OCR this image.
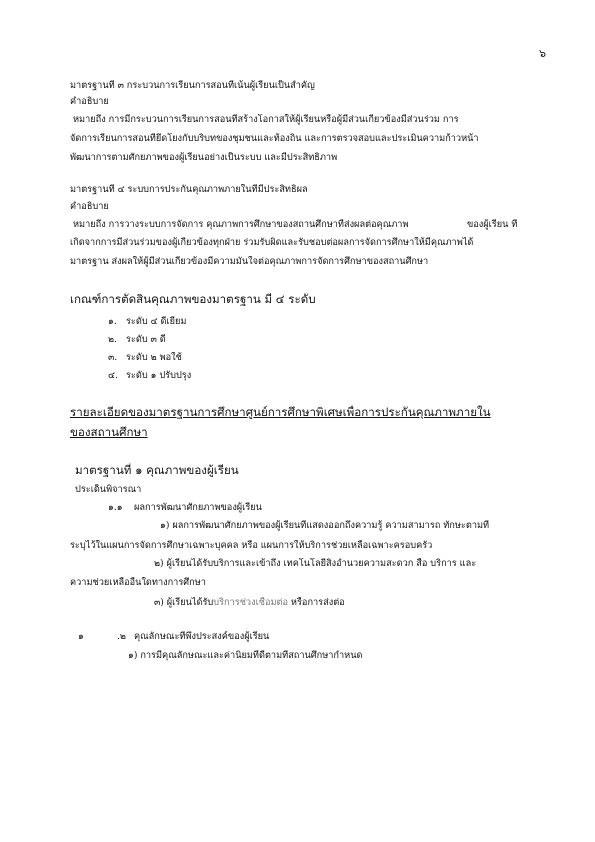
๖
มาตรฐานที่ ๓ กระบวนการเรียนการสอนที่เน้นผู้เรียนเป็นสำคัญ
คำอธิบาย
หมายถึง การมีกระบวนการเรียนการสอนที่สร้างโอกาสให้ผู้เรียนหรือผู้มีส่วนเกี่ยวข้องมีส่วนร่วม การ
จัดการเรียนการสอนที่ยึดโยงกับบริบทของชุมชนและท้องถิ่น และการตรวจสอบและประเมินความก้าวหน้า
พัฒนาการตามศักยภาพของผู้เรียนอย่างเป็นระบบ และมีประสิทธิภาพ
มาตรฐานที่ ๔ ระบบการประกันคุณภาพภายในที่มีประสิทธิผล
คำอธิบาย
หมายถึง การวางระบบการจัดการ คุณภาพการศึกษาของสถานศึกษาที่ส่งผลต่อคุณภาพ	ของผู้เรียน ที่
เกิดจากการมีส่วนร่วมของผู้เกี่ยวข้องทุกฝ่าย ร่วมรับผิดและรับชอบต่อผลการจัดการศึกษาให้มีคุณภาพได้
มาตรฐาน ส่งผลให้ผู้มีส่วนเกี่ยวข้องมีความมั่นใจต่อคุณภาพการจัดการศึกษาของสถานศึกษา
เกณฑ์การตัดสินคุณภาพของมาตรฐาน มี ๔ ระดับ
๑. ระดับ ๔ ดีเยี่ยม
๒. ระดับ ๓ ดี
๓. ระดับ ๒ พอใช้
๔. ระดับ ๑ ปรับปรุง
รายละเอียดของมาตรฐานการศึกษาศูนย์การศึกษาพิเศษเพื่อการประกันคุณภาพภายใน
ของสถานศึกษา
มาตรฐานที่ ๑ คุณภาพของผู้เรียน
ประเด็นพิจารณา
๑.๑ ผลการพัฒนาศักยภาพของผู้เรียน
๑) ผลการพัฒนาศักยภาพของผู้เรียนที่แสดงออกถึงความรู้ ความสามารถ ทักษะตามที่
ระบุไว้ในแผนการจัดการศึกษาเฉพาะบุคคล หรือ แผนการให้บริการช่วยเหลือเฉพาะครอบครัว
๒) ผู้เรียนได้รับบริการและเข้าถึง เทคโนโลยีสิ่งอำนวยความสะดวก สื่อ บริการ และ
ความช่วยเหลืออื่นใดทางการศึกษา
๓) ผู้เรียนได้รับบริการช่วงเชื่อมต่อ หรือการส่งต่อ
๑	.๒ คุณลักษณะที่พึงประสงค์ของผู้เรียน
๑) การมีคุณลักษณะและค่านิยมที่ดีตามที่สถานศึกษากำหนด
